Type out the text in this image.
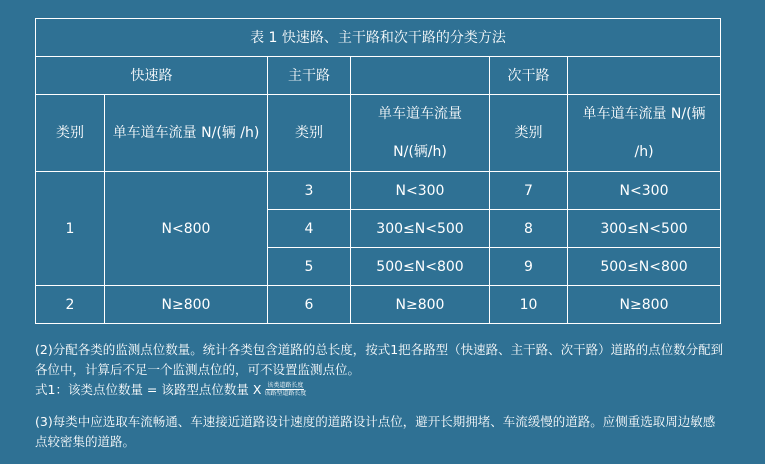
表 1 快速路、主干路和次干路的分类方法					
快速路		主干路		次干路	
类别	单车道车流量 N/(辆 /h)	类别	单车道车流量 N/(辆/h)	类别	单车道车流量 N/(辆 /h)
1	N<800	3	N<300	7	N<300
		4	300≤N<500	8	300≤N<500
		5	500≤N<800	9	500≤N<800
2	N≥800	6	N≥800	10	N≥800

(2)分配各类的监测点位数量。统计各类包含道路的总长度，按式1把各路型（快速路、主干路、次干路）道路的点位数分配到各位中，计算后不足一个监测点位的，可不设置监测点位。

式1：该类点位数量 = 该路型点位数量 X $\frac{\text{该类道路长度}}{\text{该路型道路长度}}$

(3)每类中应选取车流畅通、车速接近道路设计速度的道路设计点位，避开长期拥堵、车流缓慢的道路。应侧重选取周边敏感点较密集的道路。
